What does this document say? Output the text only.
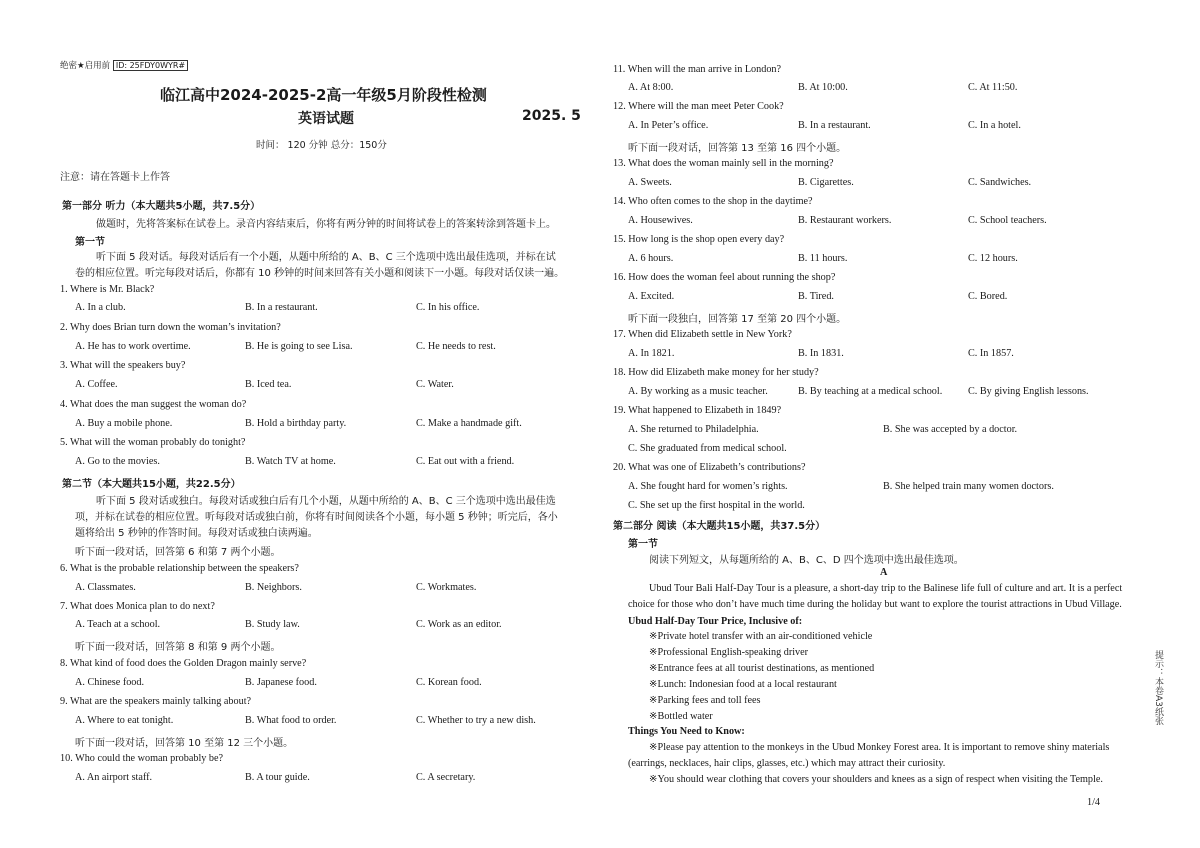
绝密★启用前 ID: 25FDY0WYR#
临江高中2024-2025-2高一年级5月阶段性检测
英语试题	2025. 5
时间： 120 分钟 总分：150分
注意：请在答题卡上作答
第一部分 听力（本大题共5小题，共7.5分）
做题时，先将答案标在试卷上。录音内容结束后，你将有两分钟的时间将试卷上的答案转涂到答题卡上。
第一节
听下面 5 段对话。每段对话后有一个小题，从题中所给的 A、B、C 三个选项中选出最佳选项，并标在试
卷的相应位置。听完每段对话后，你都有 10 秒钟的时间来回答有关小题和阅读下一小题。每段对话仅读一遍。
1. Where is Mr. Black?
A. In a club.	B. In a restaurant.	C. In his office.
2. Why does Brian turn down the woman’s invitation?
A. He has to work overtime.	B. He is going to see Lisa.	C. He needs to rest.
3. What will the speakers buy?
A. Coffee.	B. Iced tea.	C. Water.
4. What does the man suggest the woman do?
A. Buy a mobile phone.	B. Hold a birthday party.	C. Make a handmade gift.
5. What will the woman probably do tonight?
A. Go to the movies.	B. Watch TV at home.	C. Eat out with a friend.
第二节（本大题共15小题，共22.5分）
听下面 5 段对话或独白。每段对话或独白后有几个小题，从题中所给的 A、B、C 三个选项中选出最佳选
项，并标在试卷的相应位置。听每段对话或独白前，你将有时间阅读各个小题，每小题 5 秒钟；听完后，各小
题将给出 5 秒钟的作答时间。每段对话或独白读两遍。
听下面一段对话，回答第 6 和第 7 两个小题。
6. What is the probable relationship between the speakers?
A. Classmates.	B. Neighbors.	C. Workmates.
7. What does Monica plan to do next?
A. Teach at a school.	B. Study law.	C. Work as an editor.
听下面一段对话，回答第 8 和第 9 两个小题。
8. What kind of food does the Golden Dragon mainly serve?
A. Chinese food.	B. Japanese food.	C. Korean food.
9. What are the speakers mainly talking about?
A. Where to eat tonight.	B. What food to order.	C. Whether to try a new dish.
听下面一段对话，回答第 10 至第 12 三个小题。
10. Who could the woman probably be?
A. An airport staff.	B. A tour guide.	C. A secretary.
11. When will the man arrive in London?
A. At 8:00.	B. At 10:00.	C. At 11:50.
12. Where will the man meet Peter Cook?
A. In Peter’s office.	B. In a restaurant.	C. In a hotel.
听下面一段对话，回答第 13 至第 16 四个小题。
13. What does the woman mainly sell in the morning?
A. Sweets.	B. Cigarettes.	C. Sandwiches.
14. Who often comes to the shop in the daytime?
A. Housewives.	B. Restaurant workers.	C. School teachers.
15. How long is the shop open every day?
A. 6 hours.	B. 11 hours.	C. 12 hours.
16. How does the woman feel about running the shop?
A. Excited.	B. Tired.	C. Bored.
听下面一段独白，回答第 17 至第 20 四个小题。
17. When did Elizabeth settle in New York?
A. In 1821.	B. In 1831.	C. In 1857.
18. How did Elizabeth make money for her study?
A. By working as a music teacher.	B. By teaching at a medical school.	C. By giving English lessons.
19. What happened to Elizabeth in 1849?
A. She returned to Philadelphia.	B. She was accepted by a doctor.
C. She graduated from medical school.
20. What was one of Elizabeth’s contributions?
A. She fought hard for women’s rights.	B. She helped train many women doctors.
C. She set up the first hospital in the world.
第二部分 阅读（本大题共15小题，共37.5分）
第一节
阅读下列短文，从每题所给的 A、B、C、D 四个选项中选出最佳选项。
A
Ubud Tour Bali Half-Day Tour is a pleasure, a short-day trip to the Balinese life full of culture and art. It is a perfect
choice for those who don’t have much time during the holiday but want to explore the tourist attractions in Ubud Village.
Ubud Half-Day Tour Price, Inclusive of:
※Private hotel transfer with an air-conditioned vehicle
※Professional English-speaking driver
※Entrance fees at all tourist destinations, as mentioned
※Lunch: Indonesian food at a local restaurant
※Parking fees and toll fees
※Bottled water
Things You Need to Know:
※Please pay attention to the monkeys in the Ubud Monkey Forest area. It is important to remove shiny materials
(earrings, necklaces, hair clips, glasses, etc.) which may attract their curiosity.
※You should wear clothing that covers your shoulders and knees as a sign of respect when visiting the Temple.
1/4
提示：本卷A3纸张
